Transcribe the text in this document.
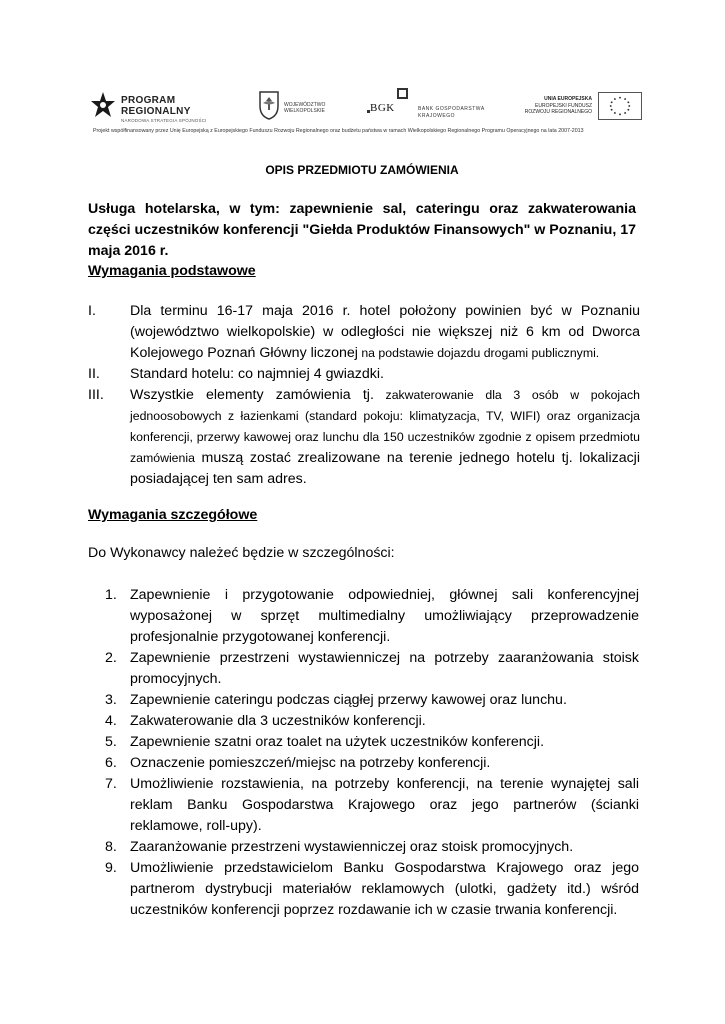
PROGRAM
REGIONALNY
NARODOWA STRATEGIA SPÓJNOŚCI
WOJEWÓDZTWO
WIELKOPOLSKIE	BGK	BANK GOSPODARSTWA
KRAJOWEGO
UNIA EUROPEJSKA
EUROPEJSKI FUNDUSZ
ROZWOJU REGIONALNEGO
Projekt współfinansowany przez Unię Europejską z Europejskiego Funduszu Rozwoju Regionalnego oraz budżetu państwa w ramach Wielkopolskiego Regionalnego Programu Operacyjnego na lata 2007-2013
OPIS PRZEDMIOTU ZAMÓWIENIA
Usługa hotelarska, w tym: zapewnienie sal, cateringu oraz zakwaterowania części uczestników konferencji "Giełda Produktów Finansowych" w Poznaniu, 17 maja 2016 r.
Wymagania podstawowe
I. Dla terminu 16-17 maja 2016 r. hotel położony powinien być w Poznaniu (województwo wielkopolskie) w odległości nie większej niż 6 km od Dworca Kolejowego Poznań Główny liczonej na podstawie dojazdu drogami publicznymi.
II. Standard hotelu: co najmniej 4 gwiazdki.
III. Wszystkie elementy zamówienia tj. zakwaterowanie dla 3 osób w pokojach jednoosobowych z łazienkami (standard pokoju: klimatyzacja, TV, WIFI) oraz organizacja konferencji, przerwy kawowej oraz lunchu dla 150 uczestników zgodnie z opisem przedmiotu zamówienia muszą zostać zrealizowane na terenie jednego hotelu tj. lokalizacji posiadającej ten sam adres.
Wymagania szczegółowe
Do Wykonawcy należeć będzie w szczególności:
1. Zapewnienie i przygotowanie odpowiedniej, głównej sali konferencyjnej wyposażonej w sprzęt multimedialny umożliwiający przeprowadzenie profesjonalnie przygotowanej konferencji.
2. Zapewnienie przestrzeni wystawienniczej na potrzeby zaaranżowania stoisk promocyjnych.
3. Zapewnienie cateringu podczas ciągłej przerwy kawowej oraz lunchu.
4. Zakwaterowanie dla 3 uczestników konferencji.
5. Zapewnienie szatni oraz toalet na użytek uczestników konferencji.
6. Oznaczenie pomieszczeń/miejsc na potrzeby konferencji.
7. Umożliwienie rozstawienia, na potrzeby konferencji, na terenie wynajętej sali reklam Banku Gospodarstwa Krajowego oraz jego partnerów (ścianki reklamowe, roll-upy).
8. Zaaranżowanie przestrzeni wystawienniczej oraz stoisk promocyjnych.
9. Umożliwienie przedstawicielom Banku Gospodarstwa Krajowego oraz jego partnerom dystrybucji materiałów reklamowych (ulotki, gadżety itd.) wśród uczestników konferencji poprzez rozdawanie ich w czasie trwania konferencji.
